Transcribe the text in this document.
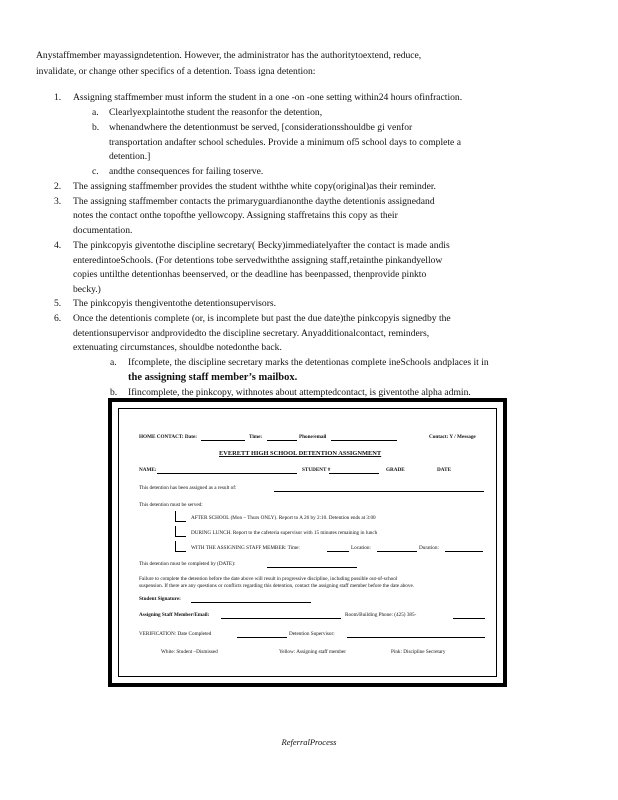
Anystaffmember mayassigndetention. However, the administrator has the authoritytoextend, reduce,
invalidate, or change other specifics of a detention. Toass igna detention:
1. Assigning staffmember must inform the student in a one -on -one setting within24 hours ofinfraction.
a. Clearlyexplaintothe student the reasonfor the detention,
b. whenandwhere the detentionmust be served, [considerationsshouldbe gi venfor
transportation andafter school schedules. Provide a minimum of5 school days to complete a
detention.]
c. andthe consequences for failing toserve.
2. The assigning staffmember provides the student withthe white copy(original)as their reminder.
3. The assigning staffmember contacts the primaryguardianonthe daythe detentionis assignedand
notes the contact onthe topofthe yellowcopy. Assigning staffretains this copy as their
documentation.
4. The pinkcopyis giventothe discipline secretary( Becky)immediatelyafter the contact is made andis
enteredintoeSchools. (For detentions tobe servedwiththe assigning staff,retainthe pinkandyellow
copies untilthe detentionhas beenserved, or the deadline has beenpassed, thenprovide pinkto
becky.)
5. The pinkcopyis thengiventothe detentionsupervisors.
6. Once the detentionis complete (or, is incomplete but past the due date)the pinkcopyis signedby the
detentionsupervisor andprovidedto the discipline secretary. Anyadditionalcontact, reminders,
extenuating circumstances, shouldbe notedonthe back.
a. Ifcomplete, the discipline secretary marks the detentionas complete ineSchools andplaces it in
the assigning staff member’s mailbox.
b. Ifincomplete, the pinkcopy, withnotes about attemptedcontact, is giventothe alpha admin.
HOME CONTACT: Date:	Time:	Phone/email	Contact: Y / Message
EVERETT HIGH SCHOOL DETENTION ASSIGNMENT
NAME:	STUDENT #	GRADE	DATE
This detention has been assigned as a result of:
This detention must be served:
AFTER SCHOOL (Mon – Thurs ONLY). Report to A 26 by 2:10. Detention ends at 3:00
DURING LUNCH. Report to the cafeteria supervisor with 15 minutes remaining in lunch
WITH THE ASSIGNING STAFF MEMBER: Time:	Location:	Duration:
This detention must be completed by (DATE):
Failure to complete the detention before the date above will result in progressive discipline, including possible out-of-school
suspension. If there are any questions or conflicts regarding this detention, contact the assigning staff member before the date above.
Student Signature:
Assigning Staff Member/Email:	Room/Building Phone: (425) 385-
VERIFICATION: Date Completed	Detention Supervisor:
White: Student –Dismissed	Yellow: Assigning staff member	Pink: Discipline Secretary
ReferralProcess
